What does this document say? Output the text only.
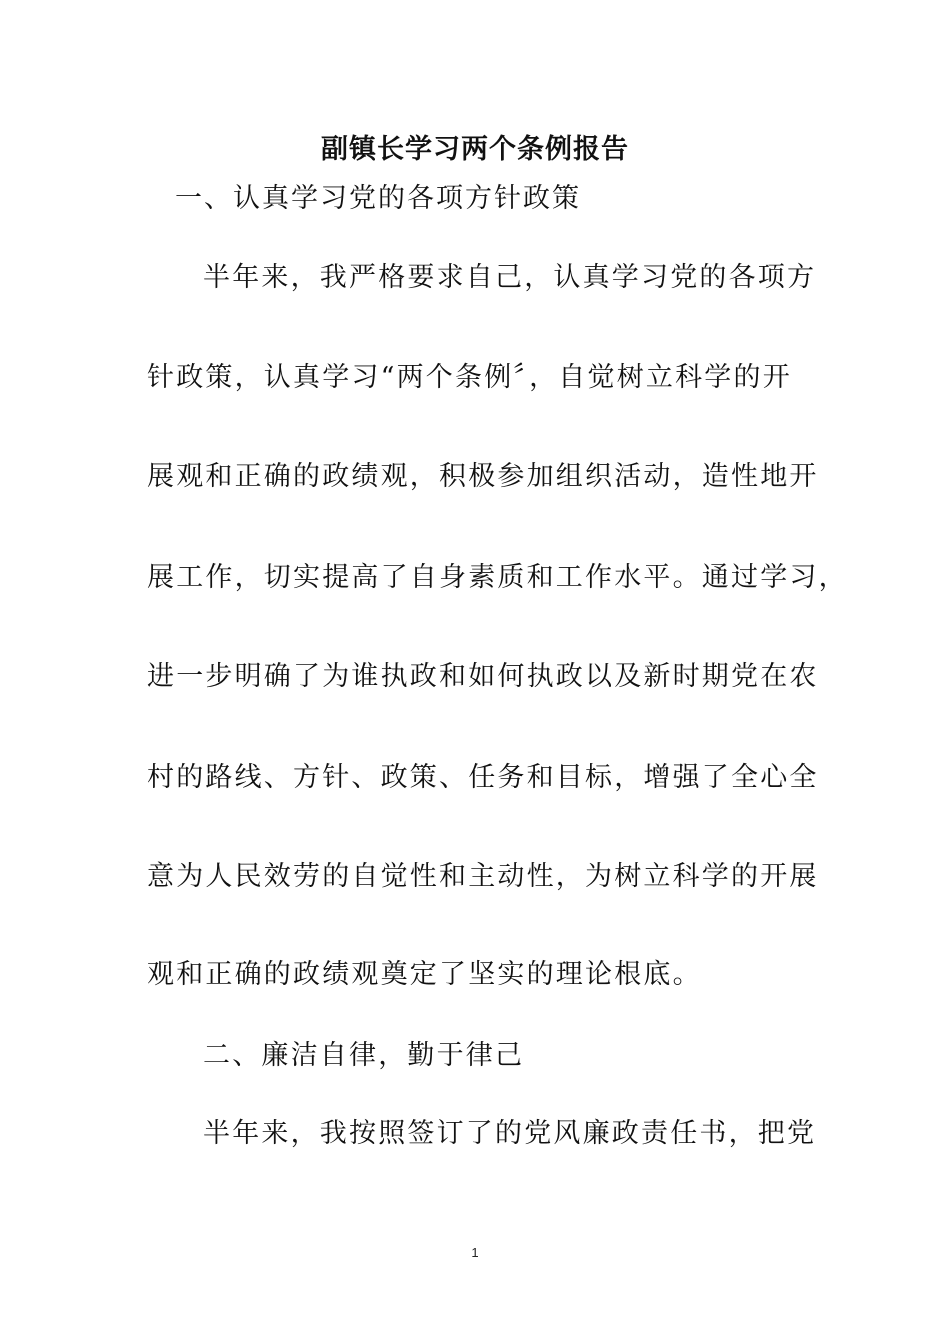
副镇长学习两个条例报告
一、认真学习党的各项方针政策
半年来，我严格要求自己，认真学习党的各项方
针政策，认真学习“两个条例〞，自觉树立科学的开
展观和正确的政绩观，积极参加组织活动，造性地开
展工作，切实提高了自身素质和工作水平。通过学习，
进一步明确了为谁执政和如何执政以及新时期党在农
村的路线、方针、政策、任务和目标，增强了全心全
意为人民效劳的自觉性和主动性，为树立科学的开展
观和正确的政绩观奠定了坚实的理论根底。
二、廉洁自律，勤于律己
半年来，我按照签订了的党风廉政责任书，把党
1
